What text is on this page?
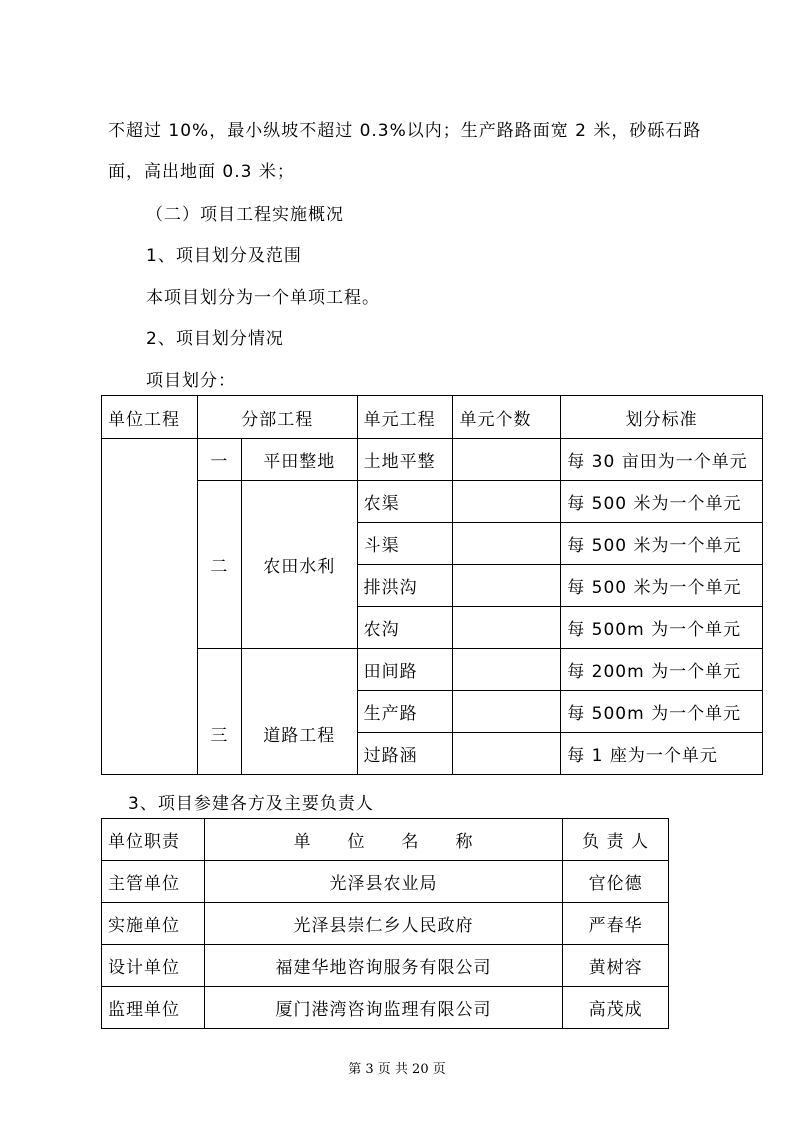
不超过 10%，最小纵坡不超过 0.3%以内；生产路路面宽 2 米，砂砾石路
面，高出地面 0.3 米；
（二）项目工程实施概况
1、项目划分及范围
本项目划分为一个单项工程。
2、项目划分情况
项目划分：
单位工程	分部工程		单元工程	单元个数	划分标准
	一	平田整地	土地平整		每 30 亩田为一个单元
	二	农田水利	农渠		每 500 米为一个单元
			斗渠		每 500 米为一个单元
			排洪沟		每 500 米为一个单元
			农沟		每 500m 为一个单元
	三	道路工程	田间路		每 200m 为一个单元
			生产路		每 500m 为一个单元
			过路涵		每 1 座为一个单元
3、项目参建各方及主要负责人
单位职责	单　　位　　名　　称	负 责 人
主管单位	光泽县农业局	官伦德
实施单位	光泽县崇仁乡人民政府	严春华
设计单位	福建华地咨询服务有限公司	黄树容
监理单位	厦门港湾咨询监理有限公司	高茂成
第 3 页 共 20 页
